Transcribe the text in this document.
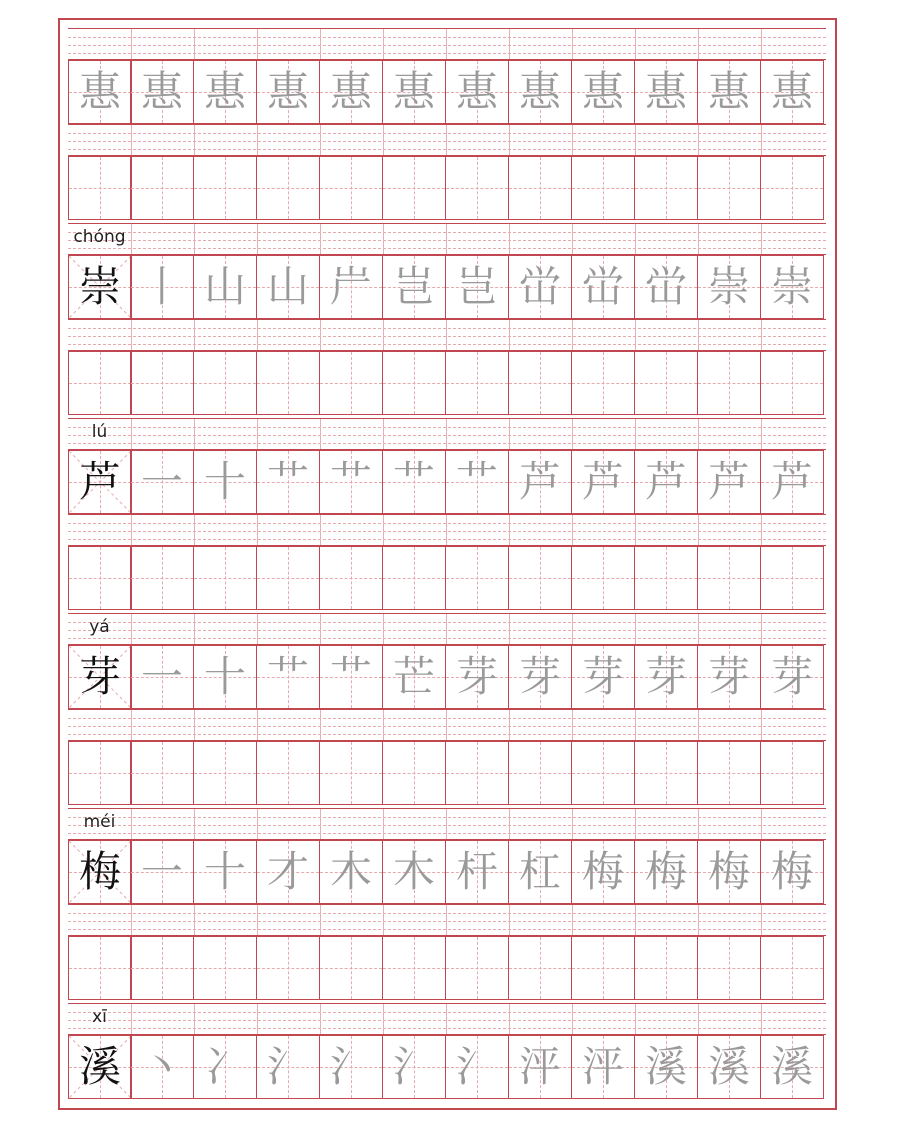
惠 惠 惠 惠 惠 惠 惠 惠 惠 惠 惠 惠
chóng
崇 丨 山 山 屵 岂 岂 峃 峃 峃 崇 崇
lú
芦 一 十 艹 艹 艹 艹 芦 芦 芦 芦 芦
yá
芽 一 十 艹 艹 芒 芽 芽 芽 芽 芽 芽
méi
梅 一 十 才 木 木 杆 杠 梅 梅 梅 梅
xī
溪 丶 冫 氵 氵 氵 氵 泙 泙 溪 溪 溪
